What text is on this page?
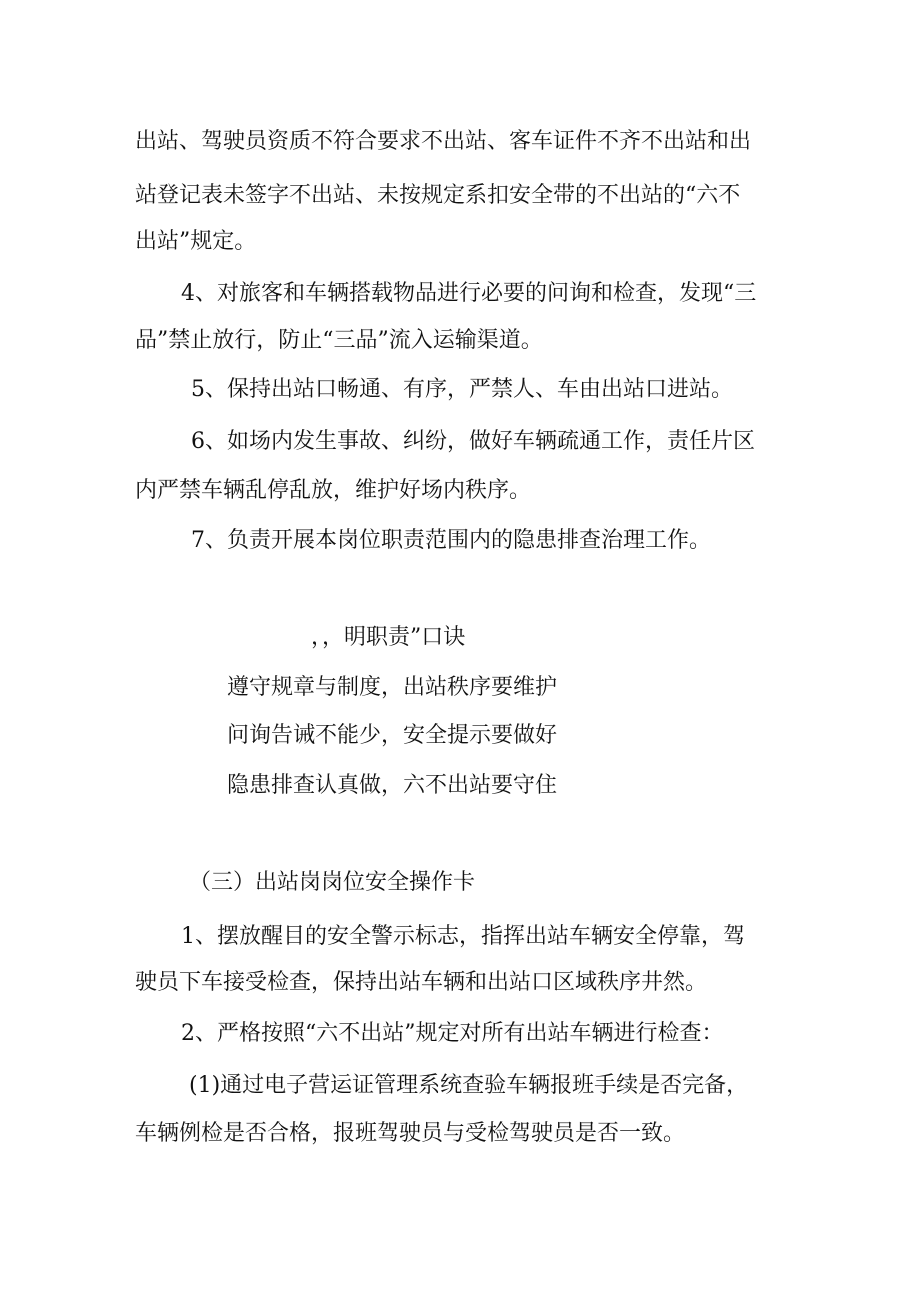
出站、驾驶员资质不符合要求不出站、客车证件不齐不出站和出
站登记表未签字不出站、未按规定系扣安全带的不出站的“六不
出站”规定。
4、对旅客和车辆搭载物品进行必要的问询和检查，发现“三
品”禁止放行，防止“三品”流入运输渠道。
5、保持出站口畅通、有序，严禁人、车由出站口进站。
6、如场内发生事故、纠纷，做好车辆疏通工作，责任片区
内严禁车辆乱停乱放，维护好场内秩序。
7、负责开展本岗位职责范围内的隐患排查治理工作。
，，明职责”口诀
遵守规章与制度，出站秩序要维护
问询告诫不能少，安全提示要做好
隐患排查认真做，六不出站要守住
（三）出站岗岗位安全操作卡
1、摆放醒目的安全警示标志，指挥出站车辆安全停靠，驾
驶员下车接受检查，保持出站车辆和出站口区域秩序井然。
2、严格按照“六不出站”规定对所有出站车辆进行检查：
(1)通过电子营运证管理系统查验车辆报班手续是否完备，
车辆例检是否合格，报班驾驶员与受检驾驶员是否一致。
